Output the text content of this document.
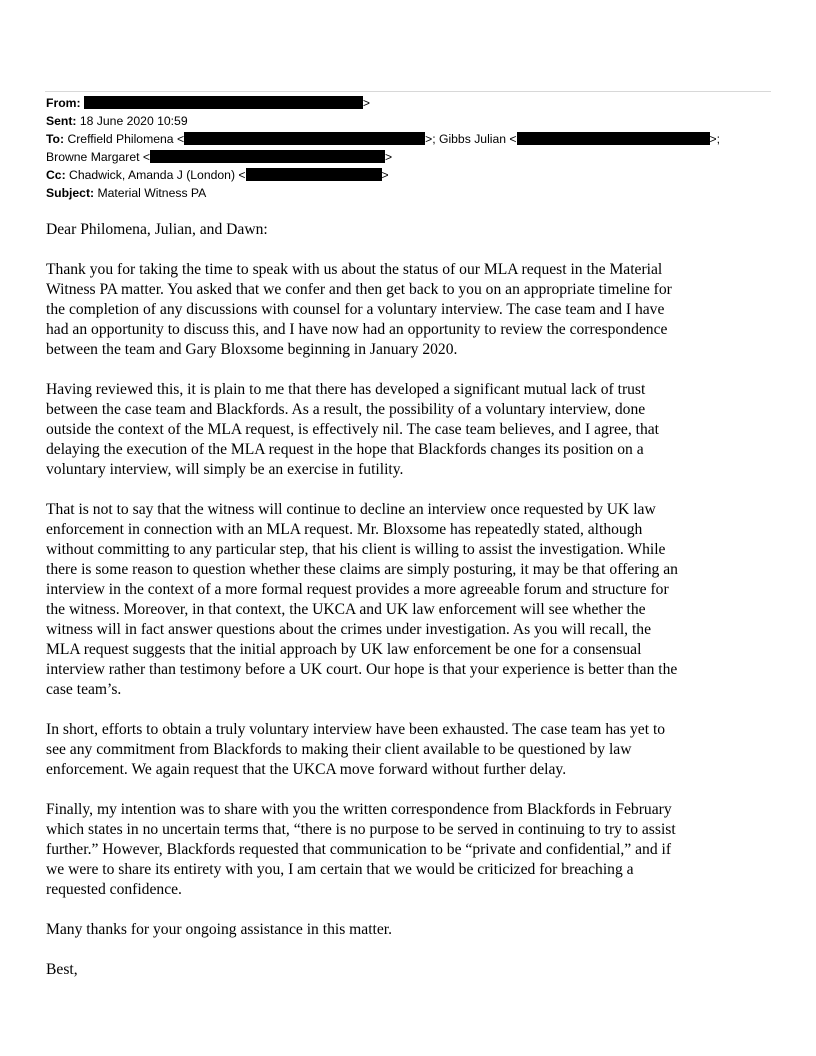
From:	>
Sent: 18 June 2020 10:59
To: Creffield Philomena <	>; Gibbs Julian <	>;
Browne Margaret <	>
Cc: Chadwick, Amanda J (London) <	>
Subject: Material Witness PA

Dear Philomena, Julian, and Dawn:

Thank you for taking the time to speak with us about the status of our MLA request in the Material
Witness PA matter. You asked that we confer and then get back to you on an appropriate timeline for
the completion of any discussions with counsel for a voluntary interview. The case team and I have
had an opportunity to discuss this, and I have now had an opportunity to review the correspondence
between the team and Gary Bloxsome beginning in January 2020.

Having reviewed this, it is plain to me that there has developed a significant mutual lack of trust
between the case team and Blackfords. As a result, the possibility of a voluntary interview, done
outside the context of the MLA request, is effectively nil. The case team believes, and I agree, that
delaying the execution of the MLA request in the hope that Blackfords changes its position on a
voluntary interview, will simply be an exercise in futility.

That is not to say that the witness will continue to decline an interview once requested by UK law
enforcement in connection with an MLA request. Mr. Bloxsome has repeatedly stated, although
without committing to any particular step, that his client is willing to assist the investigation. While
there is some reason to question whether these claims are simply posturing, it may be that offering an
interview in the context of a more formal request provides a more agreeable forum and structure for
the witness. Moreover, in that context, the UKCA and UK law enforcement will see whether the
witness will in fact answer questions about the crimes under investigation. As you will recall, the
MLA request suggests that the initial approach by UK law enforcement be one for a consensual
interview rather than testimony before a UK court. Our hope is that your experience is better than the
case team’s.

In short, efforts to obtain a truly voluntary interview have been exhausted. The case team has yet to
see any commitment from Blackfords to making their client available to be questioned by law
enforcement. We again request that the UKCA move forward without further delay.

Finally, my intention was to share with you the written correspondence from Blackfords in February
which states in no uncertain terms that, “there is no purpose to be served in continuing to try to assist
further.” However, Blackfords requested that communication to be “private and confidential,” and if
we were to share its entirety with you, I am certain that we would be criticized for breaching a
requested confidence.

Many thanks for your ongoing assistance in this matter.

Best,
